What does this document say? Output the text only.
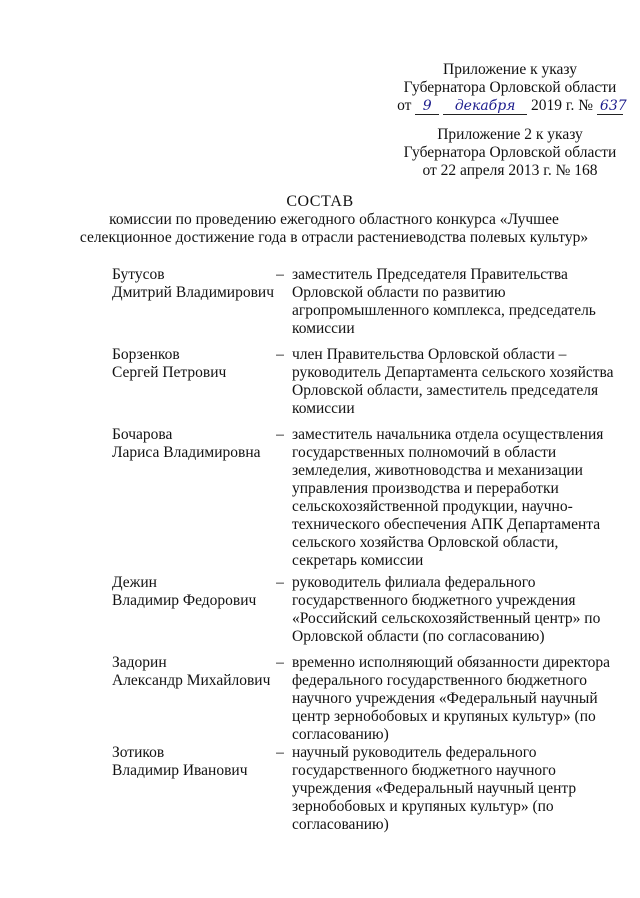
Приложение к указу
Губернатора Орловской области
от 9 декабря 2019 г. № 637
Приложение 2 к указу
Губернатора Орловской области
от 22 апреля 2013 г. № 168
СОСТАВ
комиссии по проведению ежегодного областного конкурса «Лучшее
селекционное достижение года в отрасли растениеводства полевых культур»
Бутусов
Дмитрий Владимирович
– заместитель Председателя Правительства
Орловской области по развитию
агропромышленного комплекса, председатель
комиссии
Борзенков
Сергей Петрович
– член Правительства Орловской области –
руководитель Департамента сельского хозяйства
Орловской области, заместитель председателя
комиссии
Бочарова
Лариса Владимировна
– заместитель начальника отдела осуществления
государственных полномочий в области
земледелия, животноводства и механизации
управления производства и переработки
сельскохозяйственной продукции, научно-
технического обеспечения АПК Департамента
сельского хозяйства Орловской области,
секретарь комиссии
Дежин
Владимир Федорович
– руководитель филиала федерального
государственного бюджетного учреждения
«Российский сельскохозяйственный центр» по
Орловской области (по согласованию)
Задорин
Александр Михайлович
– временно исполняющий обязанности директора
федерального государственного бюджетного
научного учреждения «Федеральный научный
центр зернобобовых и крупяных культур» (по
согласованию)
Зотиков
Владимир Иванович
– научный руководитель федерального
государственного бюджетного научного
учреждения «Федеральный научный центр
зернобобовых и крупяных культур» (по
согласованию)
